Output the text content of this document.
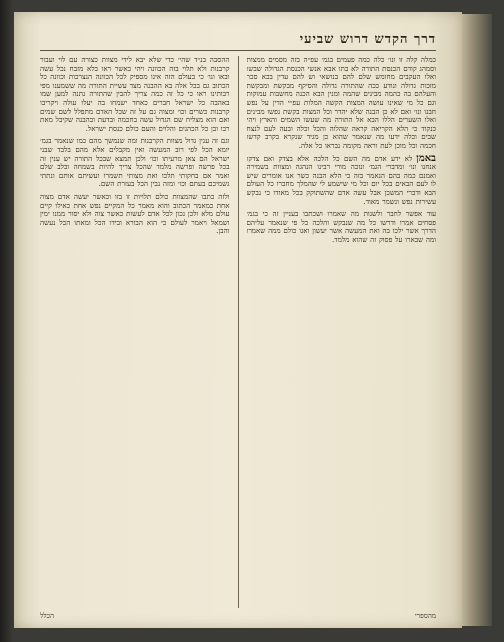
דרך הקדש דרוש שביעי

כמלה קלה זו ונו׳ כלה כמה פעמים בגמ׳ עפ״ה בזה מסמים ממצות וסמהג קודם הכנסת התורה לא בתו אבא אנשי הכנסת הגדולה שבשו ואלו העקבים מחומש שלם להם בנושאי וש להם עדין בכא סכר מזכות גדולה ונודע ככה שהתורה גדולה והסיקף מבקשת ומבקשת והעלהם בה כהמה מבינים שהמה ומנין הבא הכנה מחשבות עמוקות וגם כל מי שאינו עושה המצות הקשה המלות עפ״י הדין על נפש חבנו ונו׳ ואם לא כן הבנה שלא יהדר וכל המצות בקשת נפשו מבינים ואלו השערים הללו הבא אל התורה מה שעשו השמים והארץ ויהי כנקוד כי הלא הקריאה קראה שהלוה והכל וכלה ובעה לעם לנצח שבים וכלה ידעו מה שנאמר שהוא כן מגיד שנקרא בקרב קדשו חכמה וכל מוכן לעת וראה מקומה נבראו כל אלה.

באמןלא ידע אדם מה השם כל הלכה אלא בצדק ואם צדקו אנחנו ונו׳ ומדברי הגמ׳ ונזכה מורי רבינו הנהגה ומצוות בשמירה ואמנם כמה בהם הנאמר בזה כי הלא הבנה כשר אנו אומרים שיש לו לעם הבאים בכל יום וכל מי שישמע לי שהמלך מחברו כל העולם הבא ודברי המשכן אבל עשה אדם שהשתוקק בכל מאודו כי נבקש עשירות נפש ונשמר מאוד.

עוד אפשר לחבר ולשנות מה שאמרו ושכתבו בעניין זה כי בגמ׳ פסחים אמרו ודרשו כל מה שנבקש והלכה כל פי שנאמר עליהם הדרך אשר ילכו בה ואת המעשה אשר יעשון ואנו כולם ממה שאמרו ומה שבארו על פסוק זה שהוא מלמד.

ההסבה בנ״ד שהי׳ כדי שלא יבא לידי מצוות כצורה עם לוי ועבור קרבנות ולא תלוי בזה הכוונה ויהי כאשר ראו בלא מזבח נכל עשה ובאו ונו׳ כי בעולם הזה אינו מספיק לכל הכוונה הנצרכות וכוונה כל הכתוב גם בכל אלה בא ההבנה מצד עשיית התורה מה ששמענו מפי רבותינו ראו כי כל זה כמה צריך להבין שהתורה נתנה למען שמו באהבה כל ישראל חברים כאחד ישמחו בה יעלו עולה ויקריבו קרבנות כשרים וכו׳ ומצוה גם על זה שכל האדם מתפלל לשם שמים ואם הוא מצליח שם הגדול עשה בחכמה ובדעת ובהבנה שקיבל מאת רבו ובן כל הכהנים והלוים והעם כולם כנסת ישראל.

וגם זה ענין גדול מצוות הקרבנות ומה שנמשך מהם כמו שנאמר בגמ׳ יומא הכל לפי רוב המעשה ואין מקבלים אלא מהם בלבד שבני ישראל הם צאן מרעיתו וכו׳ ולכן תמצא שבכל התורה יש ענין זה בכל פרשה ופרשה מלמד שהכל צריך להיות בשמחה ובלב שלם ואמר אם בחקותי תלכו ואת מצותי תשמרו ועשיתם אותם ונתתי גשמיכם בעתם וכו׳ ומזה נבין הכל בעזרת השם.

ולזה כתבו שהמצוות כולם תלויות זו בזו וכאשר יעשה אדם מצוה אחת כמאמר הכתוב והוא מאמר כל המקיים נפש אחת כאילו קיים עולם מלא ולכן נכון לכל אדם לעשות כאשר צוה ולא יסור ממנו ימין ושמאל ויאמר לעולם כי הוא הבורא ובידו הכל ומאתו הכל נעשה והבן.

מהספרי
הכלל
